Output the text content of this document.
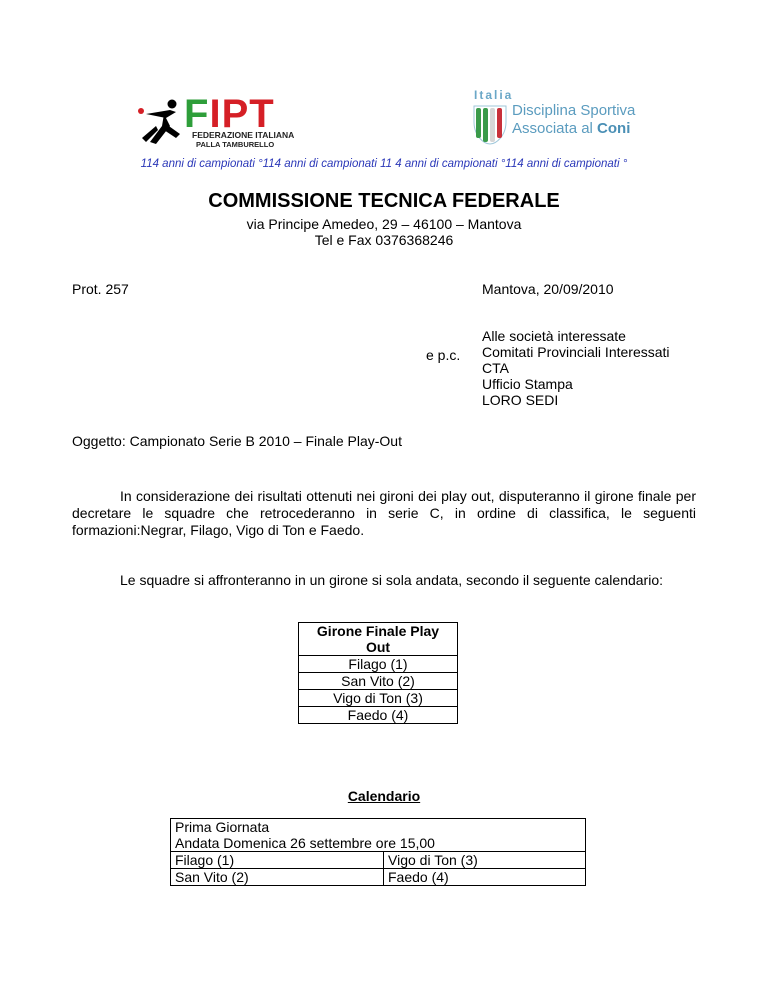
FIPT
FEDERAZIONE ITALIANA
PALLA TAMBURELLO
Italia
Disciplina Sportiva
Associata al Coni
114 anni di campionati °114 anni di campionati 11 4 anni di campionati °114 anni di campionati °
COMMISSIONE TECNICA FEDERALE
via Principe Amedeo, 29 – 46100 – Mantova
Tel e Fax 0376368246
Prot. 257	Mantova, 20/09/2010
e p.c.
Alle società interessate
Comitati Provinciali Interessati
CTA
Ufficio Stampa
LORO SEDI
Oggetto: Campionato Serie B 2010 – Finale Play-Out
In considerazione dei risultati ottenuti nei gironi dei play out, disputeranno il girone finale per decretare le squadre che retrocederanno in serie C, in ordine di classifica, le seguenti formazioni:Negrar, Filago, Vigo di Ton e Faedo.
Le squadre si affronteranno in un girone si sola andata, secondo il seguente calendario:
Girone Finale Play Out
Filago (1)
San Vito (2)
Vigo di Ton (3)
Faedo (4)
Calendario
Prima Giornata	
Andata Domenica 26 settembre ore 15,00	
Filago (1)	Vigo di Ton (3)
San Vito (2)	Faedo (4)
